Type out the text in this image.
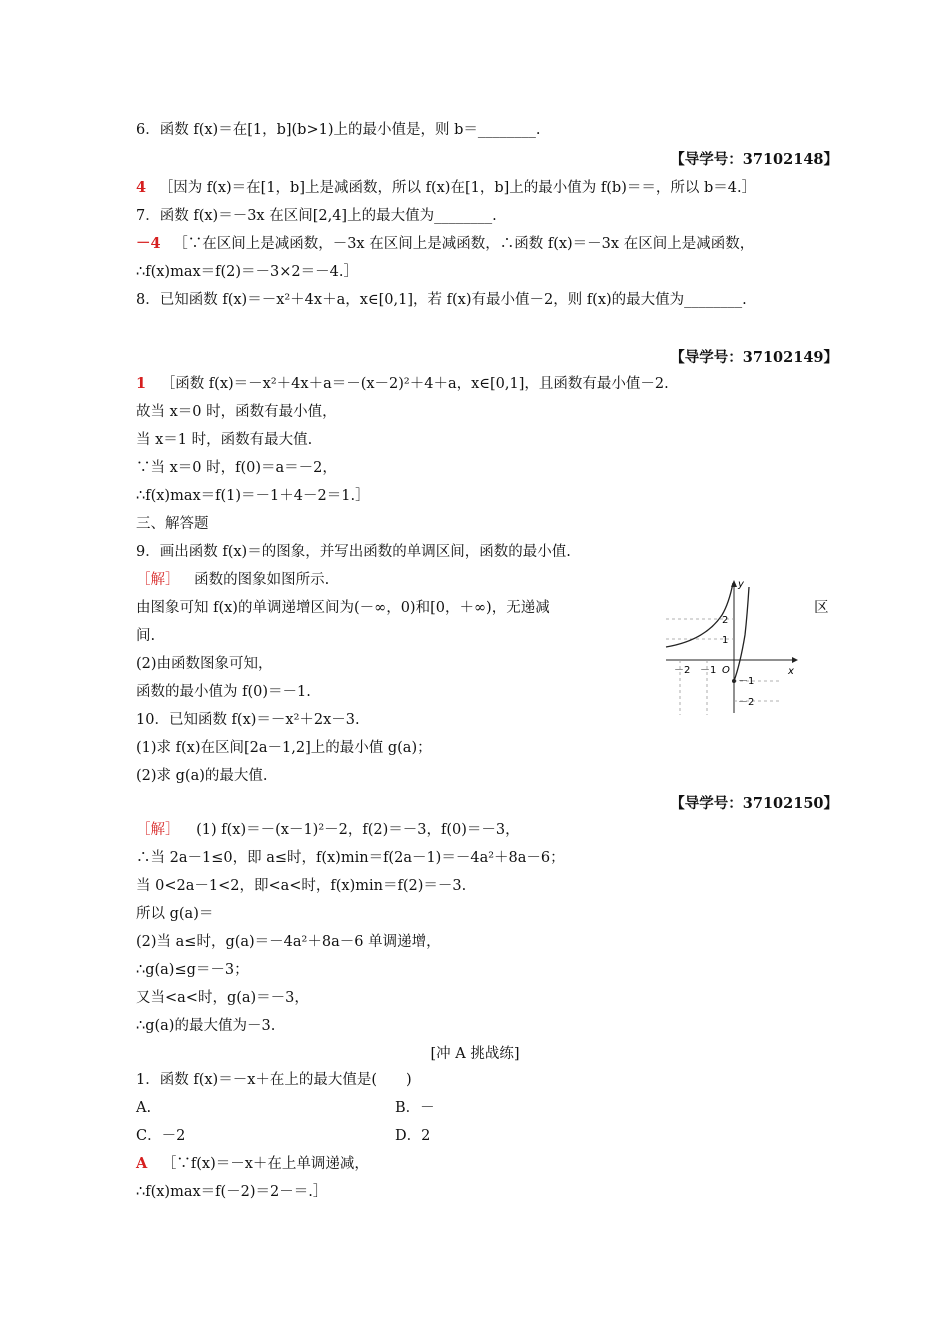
6．函数 f(x)＝在[1，b](b>1)上的最小值是，则 b＝________.
【导学号：37102148】
4 ［因为 f(x)＝在[1，b]上是减函数，所以 f(x)在[1，b]上的最小值为 f(b)＝＝，所以 b＝4.］
7．函数 f(x)＝－3x 在区间[2,4]上的最大值为________.
－4 ［∵在区间上是减函数，－3x 在区间上是减函数，∴函数 f(x)＝－3x 在区间上是减函数，
∴f(x)max＝f(2)＝－3×2＝－4.］
8．已知函数 f(x)＝－x²＋4x＋a，x∈[0,1]，若 f(x)有最小值－2，则 f(x)的最大值为________.
【导学号：37102149】
1 ［函数 f(x)＝－x²＋4x＋a＝－(x－2)²＋4＋a，x∈[0,1]，且函数有最小值－2.
故当 x＝0 时，函数有最小值，
当 x＝1 时，函数有最大值.
∵当 x＝0 时，f(0)＝a＝－2，
∴f(x)max＝f(1)＝－1＋4－2＝1.］
三、解答题
9．画出函数 f(x)＝的图象，并写出函数的单调区间，函数的最小值.
［解］ 函数的图象如图所示.
由图象可知 f(x)的单调递增区间为(－∞，0)和[0，＋∞)，无递减	区
间.
(2)由函数图象可知，
函数的最小值为 f(0)＝－1.
y
x
O
－2 －1
2
1
－1
－2
10．已知函数 f(x)＝－x²＋2x－3.
(1)求 f(x)在区间[2a－1,2]上的最小值 g(a)；
(2)求 g(a)的最大值.
【导学号：37102150】
［解］ (1) f(x)＝－(x－1)²－2，f(2)＝－3，f(0)＝－3，
∴当 2a－1≤0，即 a≤时，f(x)min＝f(2a－1)＝－4a²＋8a－6；
当 0<2a－1<2，即<a<时，f(x)min＝f(2)＝－3.
所以 g(a)＝
(2)当 a≤时，g(a)＝－4a²＋8a－6 单调递增，
∴g(a)≤g＝－3；
又当<a<时，g(a)＝－3，
∴g(a)的最大值为－3.
[冲 A 挑战练]
1．函数 f(x)＝－x＋在上的最大值是(　　)
A.	B．－
C．－2	D．2
A ［∵f(x)＝－x＋在上单调递减，
∴f(x)max＝f(－2)＝2－＝.］
